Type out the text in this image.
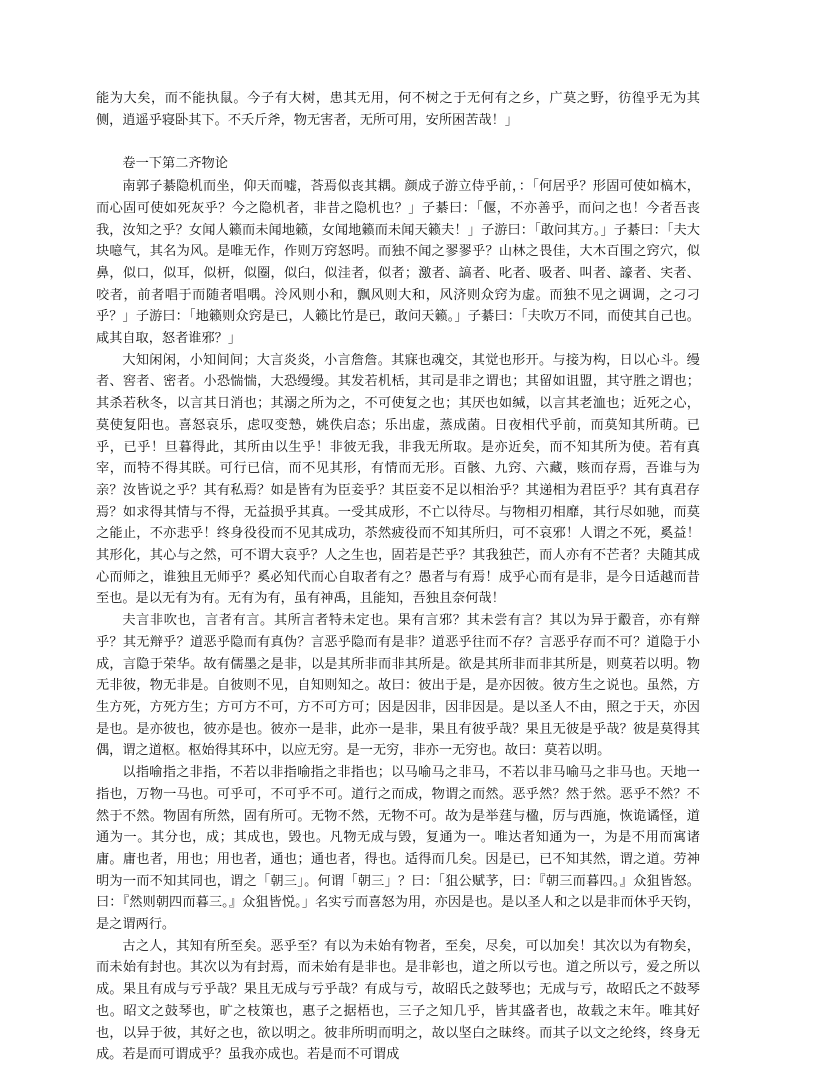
能为大矣，而不能执鼠。今子有大树，患其无用，何不树之于无何有之乡，广莫之野，彷徨乎无为其侧，逍遥乎寝卧其下。不夭斤斧，物无害者，无所可用，安所困苦哉！」

卷一下第二齐物论

南郭子綦隐机而坐，仰天而嘘，荅焉似丧其耦。颜成子游立侍乎前，：「何居乎？形固可使如槁木，而心固可使如死灰乎？今之隐机者，非昔之隐机也？」子綦曰：「偃，不亦善乎，而问之也！今者吾丧我，汝知之乎？女闻人籁而未闻地籁，女闻地籁而未闻天籁夫！」子游曰：「敢问其方。」子綦曰：「夫大块噫气，其名为风。是唯无作，作则万窍怒呺。而独不闻之翏翏乎？山林之畏佳，大木百围之窍穴，似鼻，似口，似耳，似枅，似圈，似臼，似洼者，似者；激者、謞者、叱者、吸者、叫者、譹者、宎者、咬者，前者唱于而随者唱喁。泠风则小和，飘风则大和，风济则众窍为虚。而独不见之调调，之刁刁乎？」子游曰：「地籁则众窍是已，人籁比竹是已，敢问天籁。」子綦曰：「夫吹万不同，而使其自己也。咸其自取，怒者谁邪？」

大知闲闲，小知间间；大言炎炎，小言詹詹。其寐也魂交，其觉也形开。与接为构，日以心斗。缦者、窖者、密者。小恐惴惴，大恐缦缦。其发若机栝，其司是非之谓也；其留如诅盟，其守胜之谓也；其杀若秋冬，以言其日消也；其溺之所为之，不可使复之也；其厌也如缄，以言其老洫也；近死之心，莫使复阳也。喜怒哀乐，虑叹变慹，姚佚启态；乐出虚，蒸成菌。日夜相代乎前，而莫知其所萌。已乎，已乎！旦暮得此，其所由以生乎！非彼无我，非我无所取。是亦近矣，而不知其所为使。若有真宰，而特不得其眹。可行已信，而不见其形，有情而无形。百骸、九窍、六藏，赅而存焉，吾谁与为亲？汝皆说之乎？其有私焉？如是皆有为臣妾乎？其臣妾不足以相治乎？其递相为君臣乎？其有真君存焉？如求得其情与不得，无益损乎其真。一受其成形，不亡以待尽。与物相刃相靡，其行尽如驰，而莫之能止，不亦悲乎！终身役役而不见其成功，苶然疲役而不知其所归，可不哀邪！人谓之不死，奚益！其形化，其心与之然，可不谓大哀乎？人之生也，固若是芒乎？其我独芒，而人亦有不芒者？夫随其成心而师之，谁独且无师乎？奚必知代而心自取者有之？愚者与有焉！成乎心而有是非，是今日适越而昔至也。是以无有为有。无有为有，虽有神禹，且能知，吾独且奈何哉！

夫言非吹也，言者有言。其所言者特未定也。果有言邪？其未尝有言？其以为异于鷇音，亦有辩乎？其无辩乎？道恶乎隐而有真伪？言恶乎隐而有是非？道恶乎往而不存？言恶乎存而不可？道隐于小成，言隐于荣华。故有儒墨之是非，以是其所非而非其所是。欲是其所非而非其所是，则莫若以明。物无非彼，物无非是。自彼则不见，自知则知之。故曰：彼出于是，是亦因彼。彼方生之说也。虽然，方生方死，方死方生；方可方不可，方不可方可；因是因非，因非因是。是以圣人不由，照之于天，亦因是也。是亦彼也，彼亦是也。彼亦一是非，此亦一是非，果且有彼乎哉？果且无彼是乎哉？彼是莫得其偶，谓之道枢。枢始得其环中，以应无穷。是一无穷，非亦一无穷也。故曰：莫若以明。

以指喻指之非指，不若以非指喻指之非指也；以马喻马之非马，不若以非马喻马之非马也。天地一指也，万物一马也。可乎可，不可乎不可。道行之而成，物谓之而然。恶乎然？然于然。恶乎不然？不然于不然。物固有所然，固有所可。无物不然，无物不可。故为是举莛与楹，厉与西施，恢诡谲怪，道通为一。其分也，成；其成也，毁也。凡物无成与毁，复通为一。唯达者知通为一，为是不用而寓诸庸。庸也者，用也；用也者，通也；通也者，得也。适得而几矣。因是已，已不知其然，谓之道。劳神明为一而不知其同也，谓之「朝三」。何谓「朝三」？曰：「狙公赋芧，曰：『朝三而暮四。』众狙皆怒。曰：『然则朝四而暮三。』众狙皆悦。」名实亏而喜怒为用，亦因是也。是以圣人和之以是非而休乎天钧，是之谓两行。

古之人，其知有所至矣。恶乎至？有以为未始有物者，至矣，尽矣，可以加矣！其次以为有物矣，而未始有封也。其次以为有封焉，而未始有是非也。是非彰也，道之所以亏也。道之所以亏，爱之所以成。果且有成与亏乎哉？果且无成与亏乎哉？有成与亏，故昭氏之鼓琴也；无成与亏，故昭氏之不鼓琴也。昭文之鼓琴也，旷之枝策也，惠子之据梧也，三子之知几乎，皆其盛者也，故载之末年。唯其好也，以异于彼，其好之也，欲以明之。彼非所明而明之，故以坚白之昧终。而其子以文之纶终，终身无成。若是而可谓成乎？虽我亦成也。若是而不可谓成
